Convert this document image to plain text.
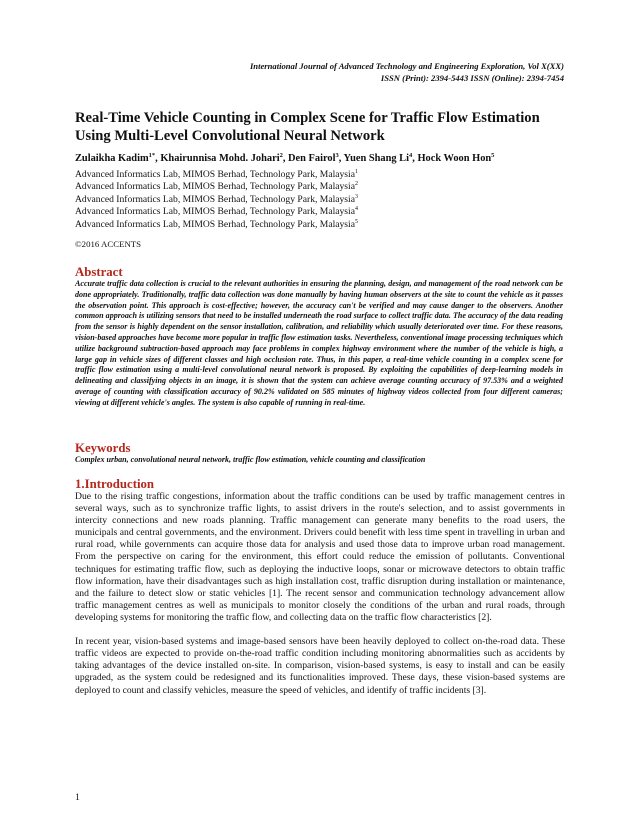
International Journal of Advanced Technology and Engineering Exploration, Vol X(XX)
ISSN (Print): 2394-5443 ISSN (Online): 2394-7454
Real-Time Vehicle Counting in Complex Scene for Traffic Flow Estimation Using Multi-Level Convolutional Neural Network
Zulaikha Kadim$^{1*}$, Khairunnisa Mohd. Johari$^2$, Den Fairol$^3$, Yuen Shang Li$^4$, Hock Woon Hon$^5$
Advanced Informatics Lab, MIMOS Berhad, Technology Park, Malaysia$^1$
Advanced Informatics Lab, MIMOS Berhad, Technology Park, Malaysia$^2$
Advanced Informatics Lab, MIMOS Berhad, Technology Park, Malaysia$^3$
Advanced Informatics Lab, MIMOS Berhad, Technology Park, Malaysia$^4$
Advanced Informatics Lab, MIMOS Berhad, Technology Park, Malaysia$^5$
©2016 ACCENTS
Abstract
Accurate traffic data collection is crucial to the relevant authorities in ensuring the planning, design, and management of the road network can be done appropriately. Traditionally, traffic data collection was done manually by having human observers at the site to count the vehicle as it passes the observation point. This approach is cost-effective; however, the accuracy can't be verified and may cause danger to the observers. Another common approach is utilizing sensors that need to be installed underneath the road surface to collect traffic data. The accuracy of the data reading from the sensor is highly dependent on the sensor installation, calibration, and reliability which usually deteriorated over time. For these reasons, vision-based approaches have become more popular in traffic flow estimation tasks. Nevertheless, conventional image processing techniques which utilize background subtraction-based approach may face problems in complex highway environment where the number of the vehicle is high, a large gap in vehicle sizes of different classes and high occlusion rate. Thus, in this paper, a real-time vehicle counting in a complex scene for traffic flow estimation using a multi-level convolutional neural network is proposed. By exploiting the capabilities of deep-learning models in delineating and classifying objects in an image, it is shown that the system can achieve average counting accuracy of 97.53% and a weighted average of counting with classification accuracy of 90.2% validated on 585 minutes of highway videos collected from four different cameras; viewing at different vehicle's angles. The system is also capable of running in real-time.
Keywords
Complex urban, convolutional neural network, traffic flow estimation, vehicle counting and classification
1.Introduction

Due to the rising traffic congestions, information about the traffic conditions can be used by traffic management centres in several ways, such as to synchronize traffic lights, to assist drivers in the route's selection, and to assist governments in intercity connections and new roads planning. Traffic management can generate many benefits to the road users, the municipals and central governments, and the environment. Drivers could benefit with less time spent in travelling in urban and rural road, while governments can acquire those data for analysis and used those data to improve urban road management. From the perspective on caring for the environment, this effort could reduce the emission of pollutants. Conventional techniques for estimating traffic flow, such as deploying the inductive loops, sonar or microwave detectors to obtain traffic flow information, have their disadvantages such as high installation cost, traffic disruption during installation or maintenance, and the failure to detect slow or static vehicles [1]. The recent sensor and communication technology advancement allow traffic management centres as well as municipals to monitor closely the conditions of the urban and rural roads, through developing systems for monitoring the traffic flow, and collecting data on the traffic flow characteristics [2].

In recent year, vision-based systems and image-based sensors have been heavily deployed to collect on-the-road data. These traffic videos are expected to provide on-the-road traffic condition including monitoring abnormalities such as accidents by taking advantages of the device installed on-site. In comparison, vision-based systems, is easy to install and can be easily upgraded, as the system could be redesigned and its functionalities improved. These days, these vision-based systems are deployed to count and classify vehicles, measure the speed of vehicles, and identify of traffic incidents [3].

1
